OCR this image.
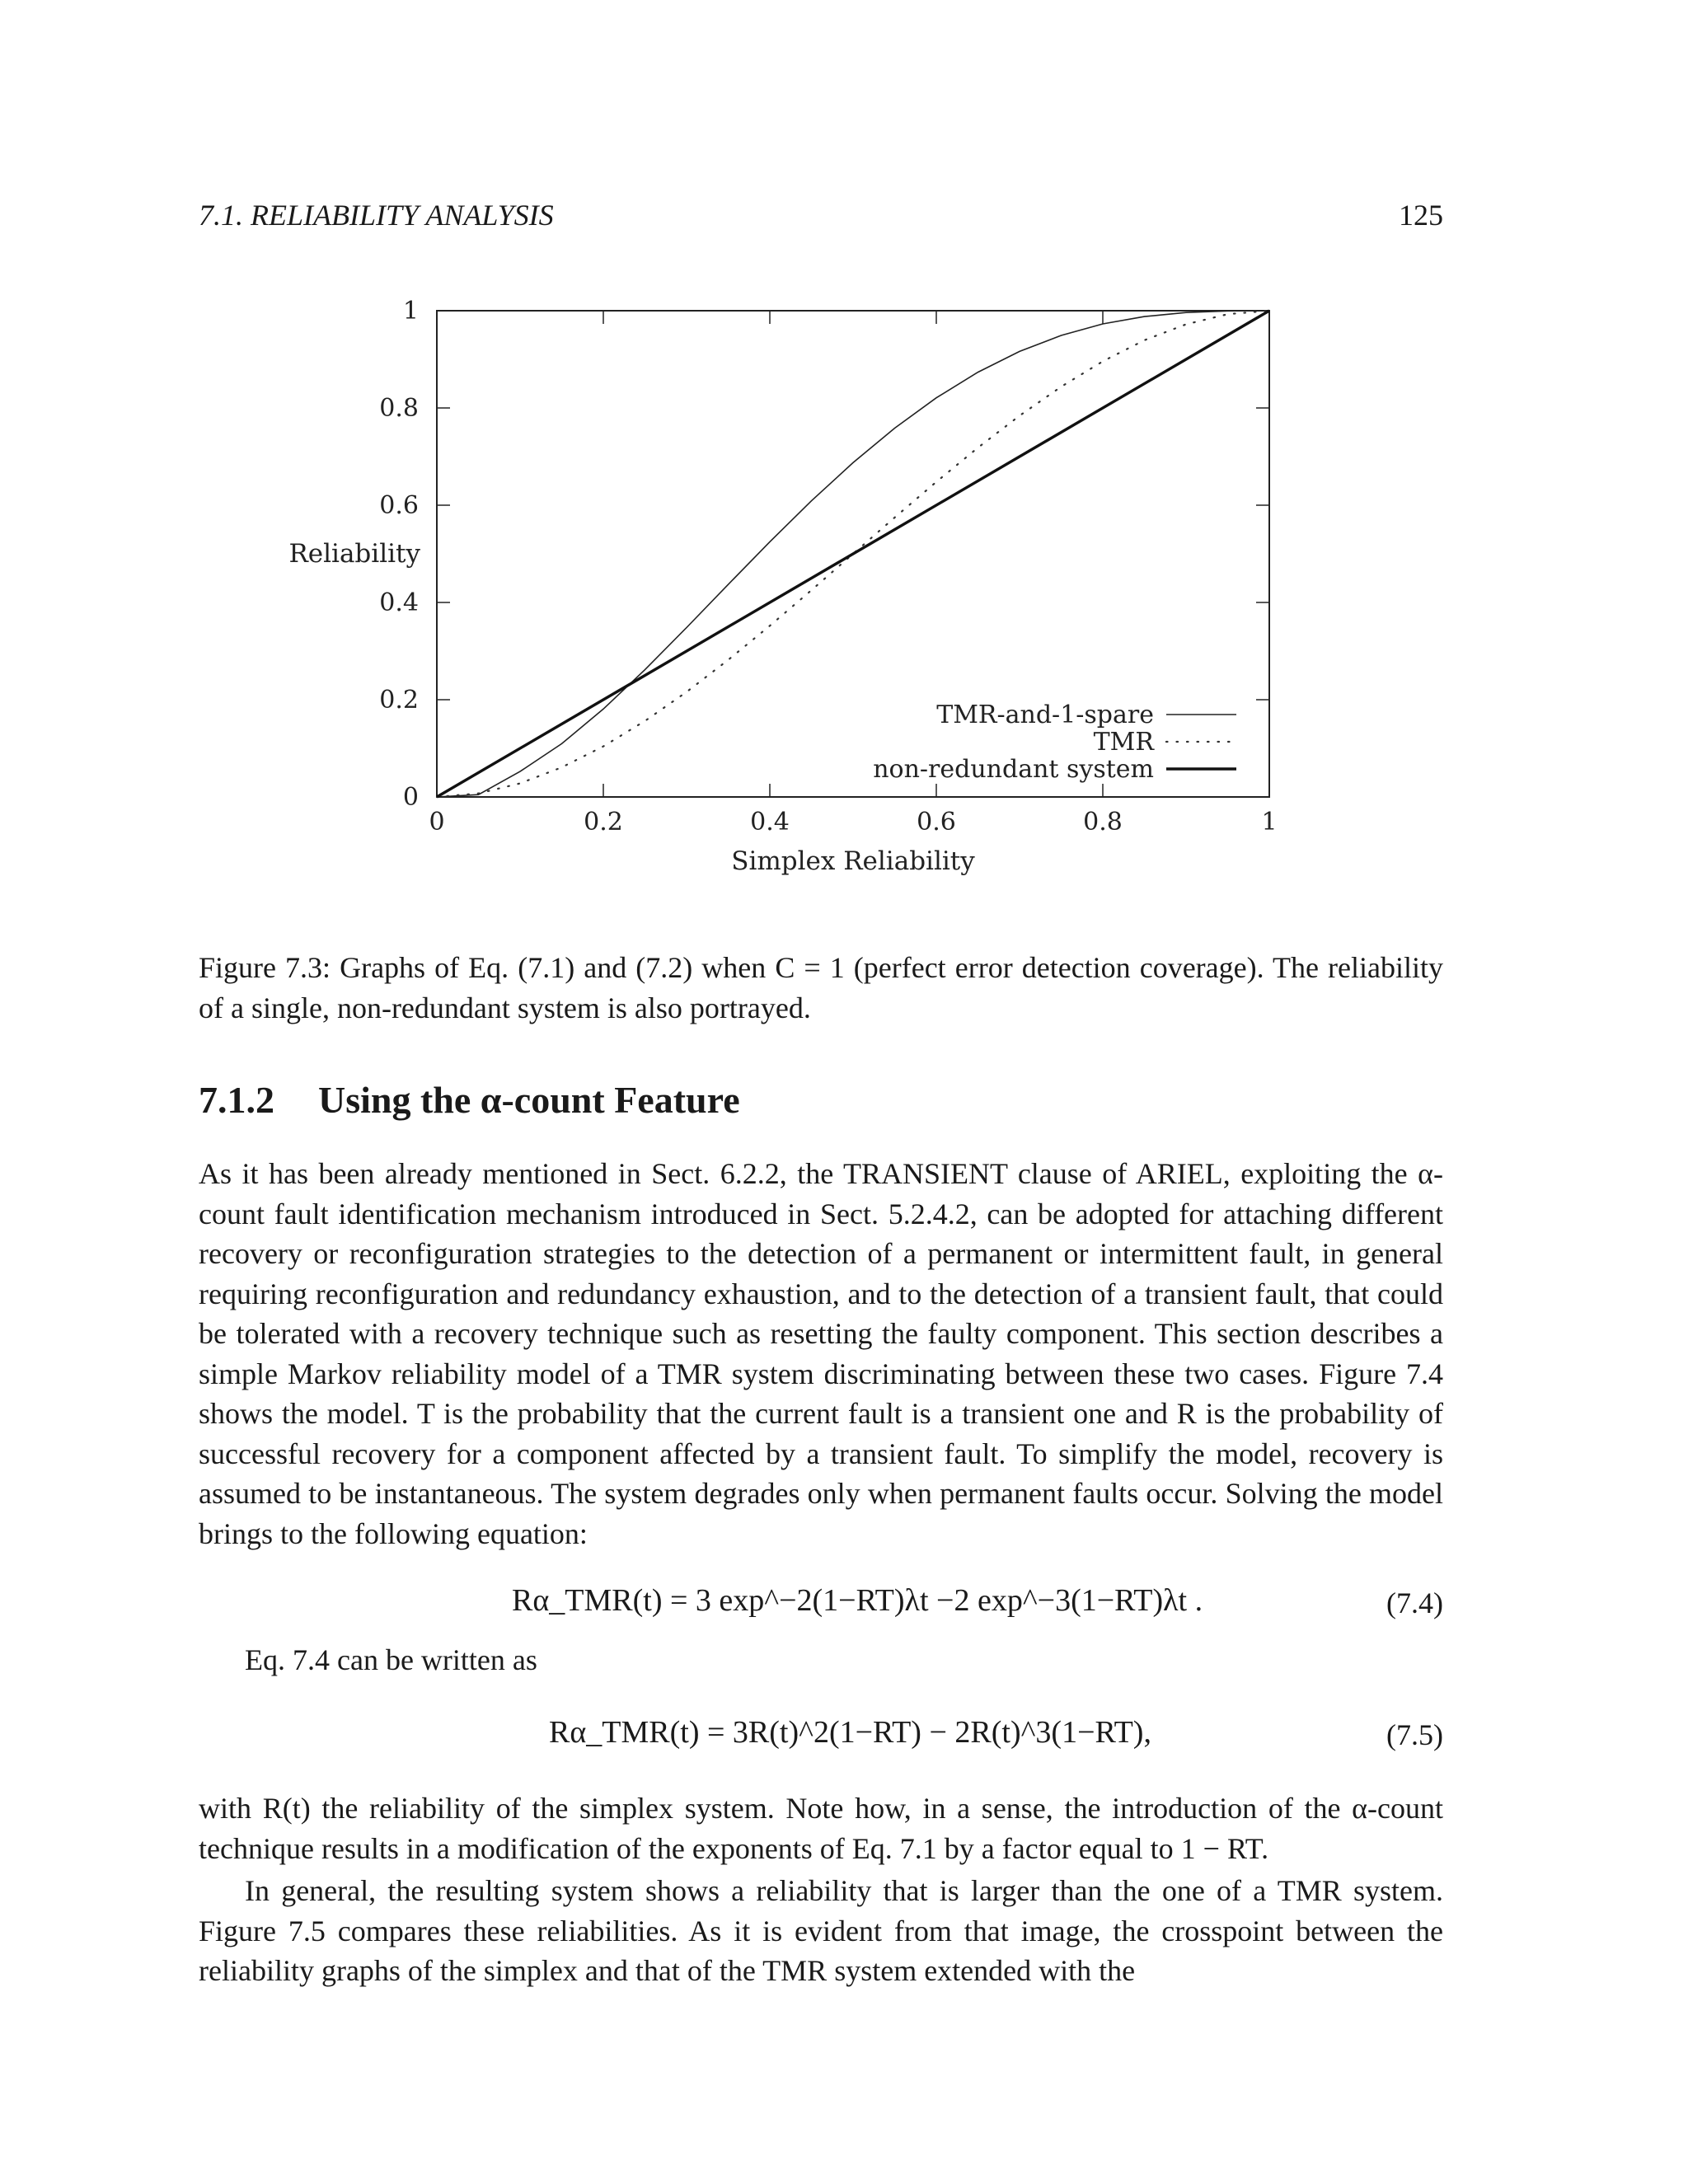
7.1. RELIABILITY ANALYSIS	125
0	0.2	0.4	0.6	0.8	1
0
0.2
0.4
0.6
0.8
1
Simplex Reliability
Reliability
TMR-and-1-spare
TMR
non-redundant system
Figure 7.3: Graphs of Eq. (7.1) and (7.2) when C = 1 (perfect error detection coverage). The reliability of a single, non-redundant system is also portrayed.
7.1.2 Using the α-count Feature
As it has been already mentioned in Sect. 6.2.2, the TRANSIENT clause of ARIEL, exploiting the α-count fault identification mechanism introduced in Sect. 5.2.4.2, can be adopted for attaching different recovery or reconfiguration strategies to the detection of a permanent or intermittent fault, in general requiring reconfiguration and redundancy exhaustion, and to the detection of a transient fault, that could be tolerated with a recovery technique such as resetting the faulty component. This section describes a simple Markov reliability model of a TMR system discriminating between these two cases. Figure 7.4 shows the model. T is the probability that the current fault is a transient one and R is the probability of successful recovery for a component affected by a transient fault. To simplify the model, recovery is assumed to be instantaneous. The system degrades only when permanent faults occur. Solving the model brings to the following equation:
Rα_TMR(t) = 3 exp^−2(1−RT)λt −2 exp^−3(1−RT)λt .	(7.4)
Eq. 7.4 can be written as
Rα_TMR(t) = 3R(t)^2(1−RT) − 2R(t)^3(1−RT),	(7.5)
with R(t) the reliability of the simplex system. Note how, in a sense, the introduction of the α-count technique results in a modification of the exponents of Eq. 7.1 by a factor equal to 1 − RT.
In general, the resulting system shows a reliability that is larger than the one of a TMR system. Figure 7.5 compares these reliabilities. As it is evident from that image, the crosspoint between the reliability graphs of the simplex and that of the TMR system extended with the
